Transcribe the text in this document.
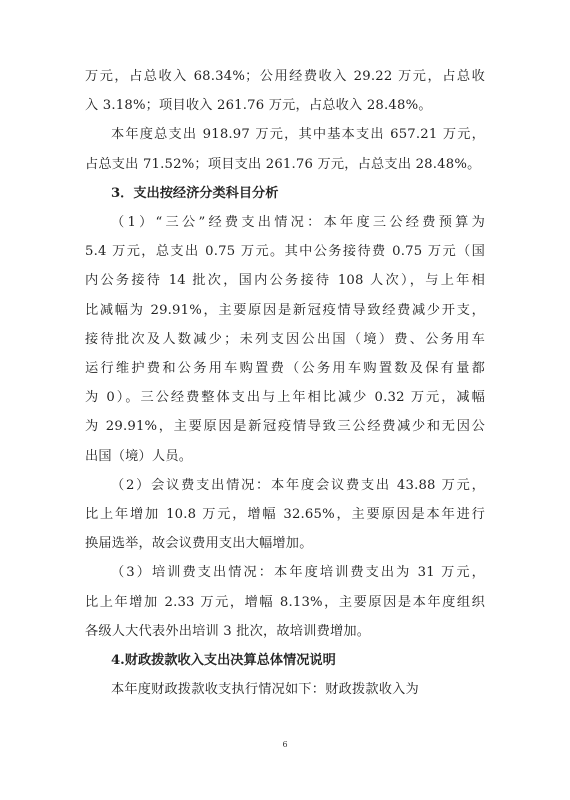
万元，占总收入 68.34%；公用经费收入 29.22 万元，占总收

入 3.18%；项目收入 261.76 万元，占总收入 28.48%。

本年度总支出 918.97 万元，其中基本支出 657.21 万元，

占总支出 71.52%；项目支出 261.76 万元，占总支出 28.48%。

3．支出按经济分类科目分析

（1）“三公”经费支出情况：本年度三公经费预算为

5.4 万元，总支出 0.75 万元。其中公务接待费 0.75 万元（国

内公务接待 14 批次，国内公务接待 108 人次），与上年相

比减幅为 29.91%，主要原因是新冠疫情导致经费减少开支，

接待批次及人数减少；未列支因公出国（境）费、公务用车

运行维护费和公务用车购置费（公务用车购置数及保有量都

为 0）。三公经费整体支出与上年相比减少 0.32 万元，减幅

为 29.91%，主要原因是新冠疫情导致三公经费减少和无因公

出国（境）人员。

（2）会议费支出情况：本年度会议费支出 43.88 万元，

比上年增加 10.8 万元，增幅 32.65%，主要原因是本年进行

换届选举，故会议费用支出大幅增加。

（3）培训费支出情况：本年度培训费支出为 31 万元，

比上年增加 2.33 万元，增幅 8.13%，主要原因是本年度组织

各级人大代表外出培训 3 批次，故培训费增加。

4.财政拨款收入支出决算总体情况说明

本年度财政拨款收支执行情况如下：财政拨款收入为

6
